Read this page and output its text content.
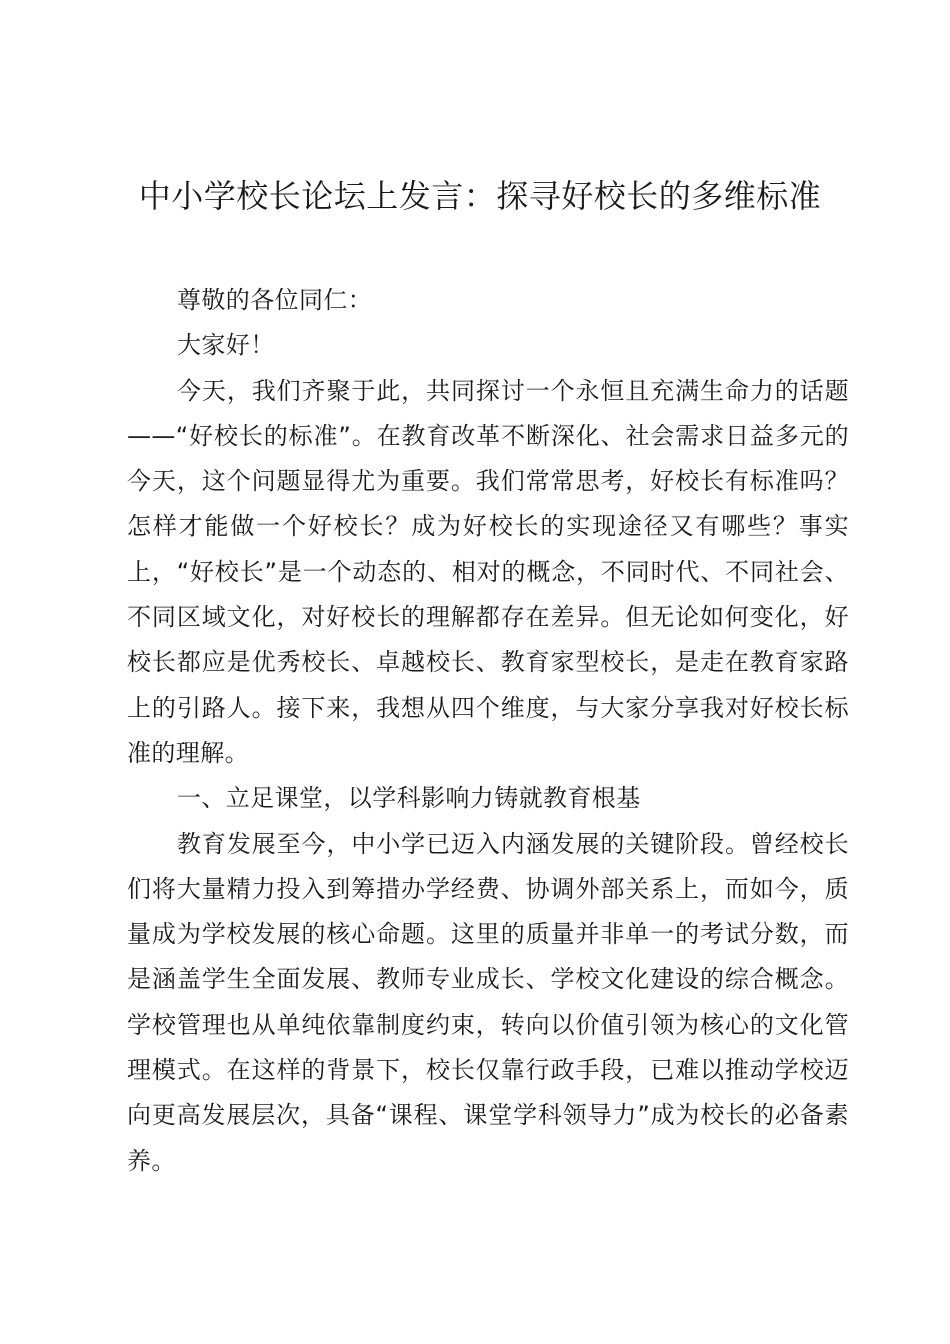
中小学校长论坛上发言：探寻好校长的多维标准

尊敬的各位同仁：

大家好！

今天，我们齐聚于此，共同探讨一个永恒且充满生命力的话题——“好校长的标准”。在教育改革不断深化、社会需求日益多元的今天，这个问题显得尤为重要。我们常常思考，好校长有标准吗？怎样才能做一个好校长？成为好校长的实现途径又有哪些？事实上，“好校长”是一个动态的、相对的概念，不同时代、不同社会、不同区域文化，对好校长的理解都存在差异。但无论如何变化，好校长都应是优秀校长、卓越校长、教育家型校长，是走在教育家路上的引路人。接下来，我想从四个维度，与大家分享我对好校长标准的理解。

一、立足课堂，以学科影响力铸就教育根基

教育发展至今，中小学已迈入内涵发展的关键阶段。曾经校长们将大量精力投入到筹措办学经费、协调外部关系上，而如今，质量成为学校发展的核心命题。这里的质量并非单一的考试分数，而是涵盖学生全面发展、教师专业成长、学校文化建设的综合概念。学校管理也从单纯依靠制度约束，转向以价值引领为核心的文化管理模式。在这样的背景下，校长仅靠行政手段，已难以推动学校迈向更高发展层次，具备“课程、课堂学科领导力”成为校长的必备素养。
